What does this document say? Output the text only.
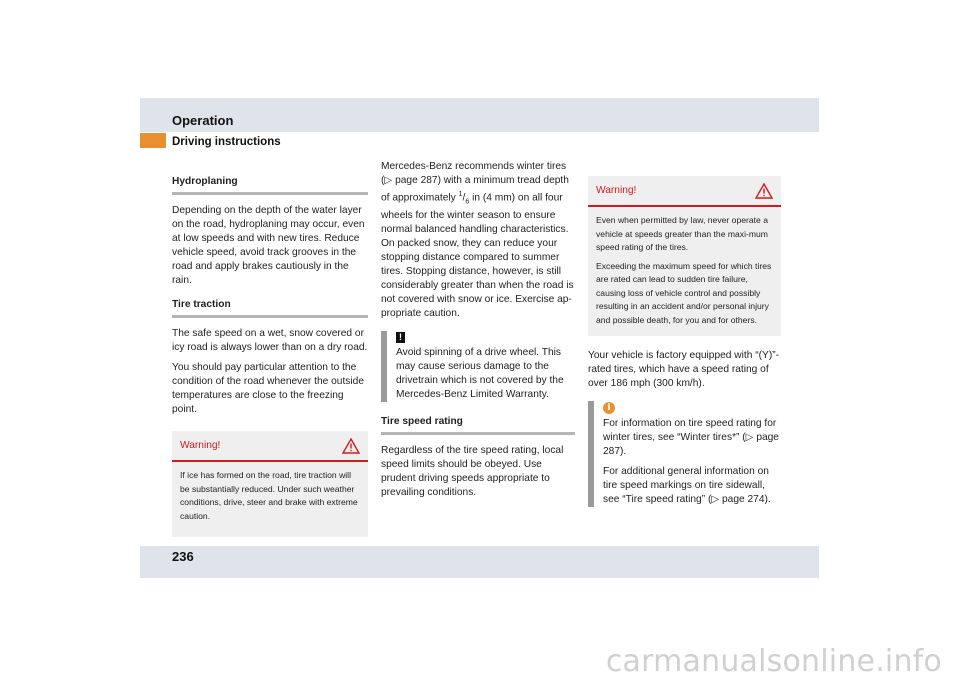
Operation
Driving instructions
Hydroplaning

Depending on the depth of the water layer on the road, hydroplaning may occur, even at low speeds and with new tires. Reduce vehicle speed, avoid track grooves in the road and apply brakes cautiously in the rain.

Tire traction

The safe speed on a wet, snow covered or icy road is always lower than on a dry road.

You should pay particular attention to the condition of the road whenever the outside temperatures are close to the freezing point.

Warning!

If ice has formed on the road, tire traction will be substantially reduced. Under such weather conditions, drive, steer and brake with extreme caution.

Mercedes-Benz recommends winter tires (▷ page 287) with a minimum tread depth of approximately $^1/_6$ in (4 mm) on all four wheels for the winter season to ensure normal balanced handling characteristics. On packed snow, they can reduce your stopping distance compared to summer tires. Stopping distance, however, is still considerably greater than when the road is not covered with snow or ice. Exercise ap-propriate caution.

!

Avoid spinning of a drive wheel. This may cause serious damage to the drivetrain which is not covered by the Mercedes-Benz Limited Warranty.

Tire speed rating

Regardless of the tire speed rating, local speed limits should be obeyed. Use prudent driving speeds appropriate to prevailing conditions.

Warning!

Even when permitted by law, never operate a vehicle at speeds greater than the maxi-mum speed rating of the tires.

Exceeding the maximum speed for which tires are rated can lead to sudden tire failure, causing loss of vehicle control and possibly resulting in an accident and/or personal injury and possible death, for you and for others.

Your vehicle is factory equipped with “(Y)”-rated tires, which have a speed rating of over 186 mph (300 km/h).

i

For information on tire speed rating for winter tires, see “Winter tires*” (▷ page 287).

For additional general information on tire speed markings on tire sidewall, see “Tire speed rating” (▷ page 274).

236
carmanualsonline.info
